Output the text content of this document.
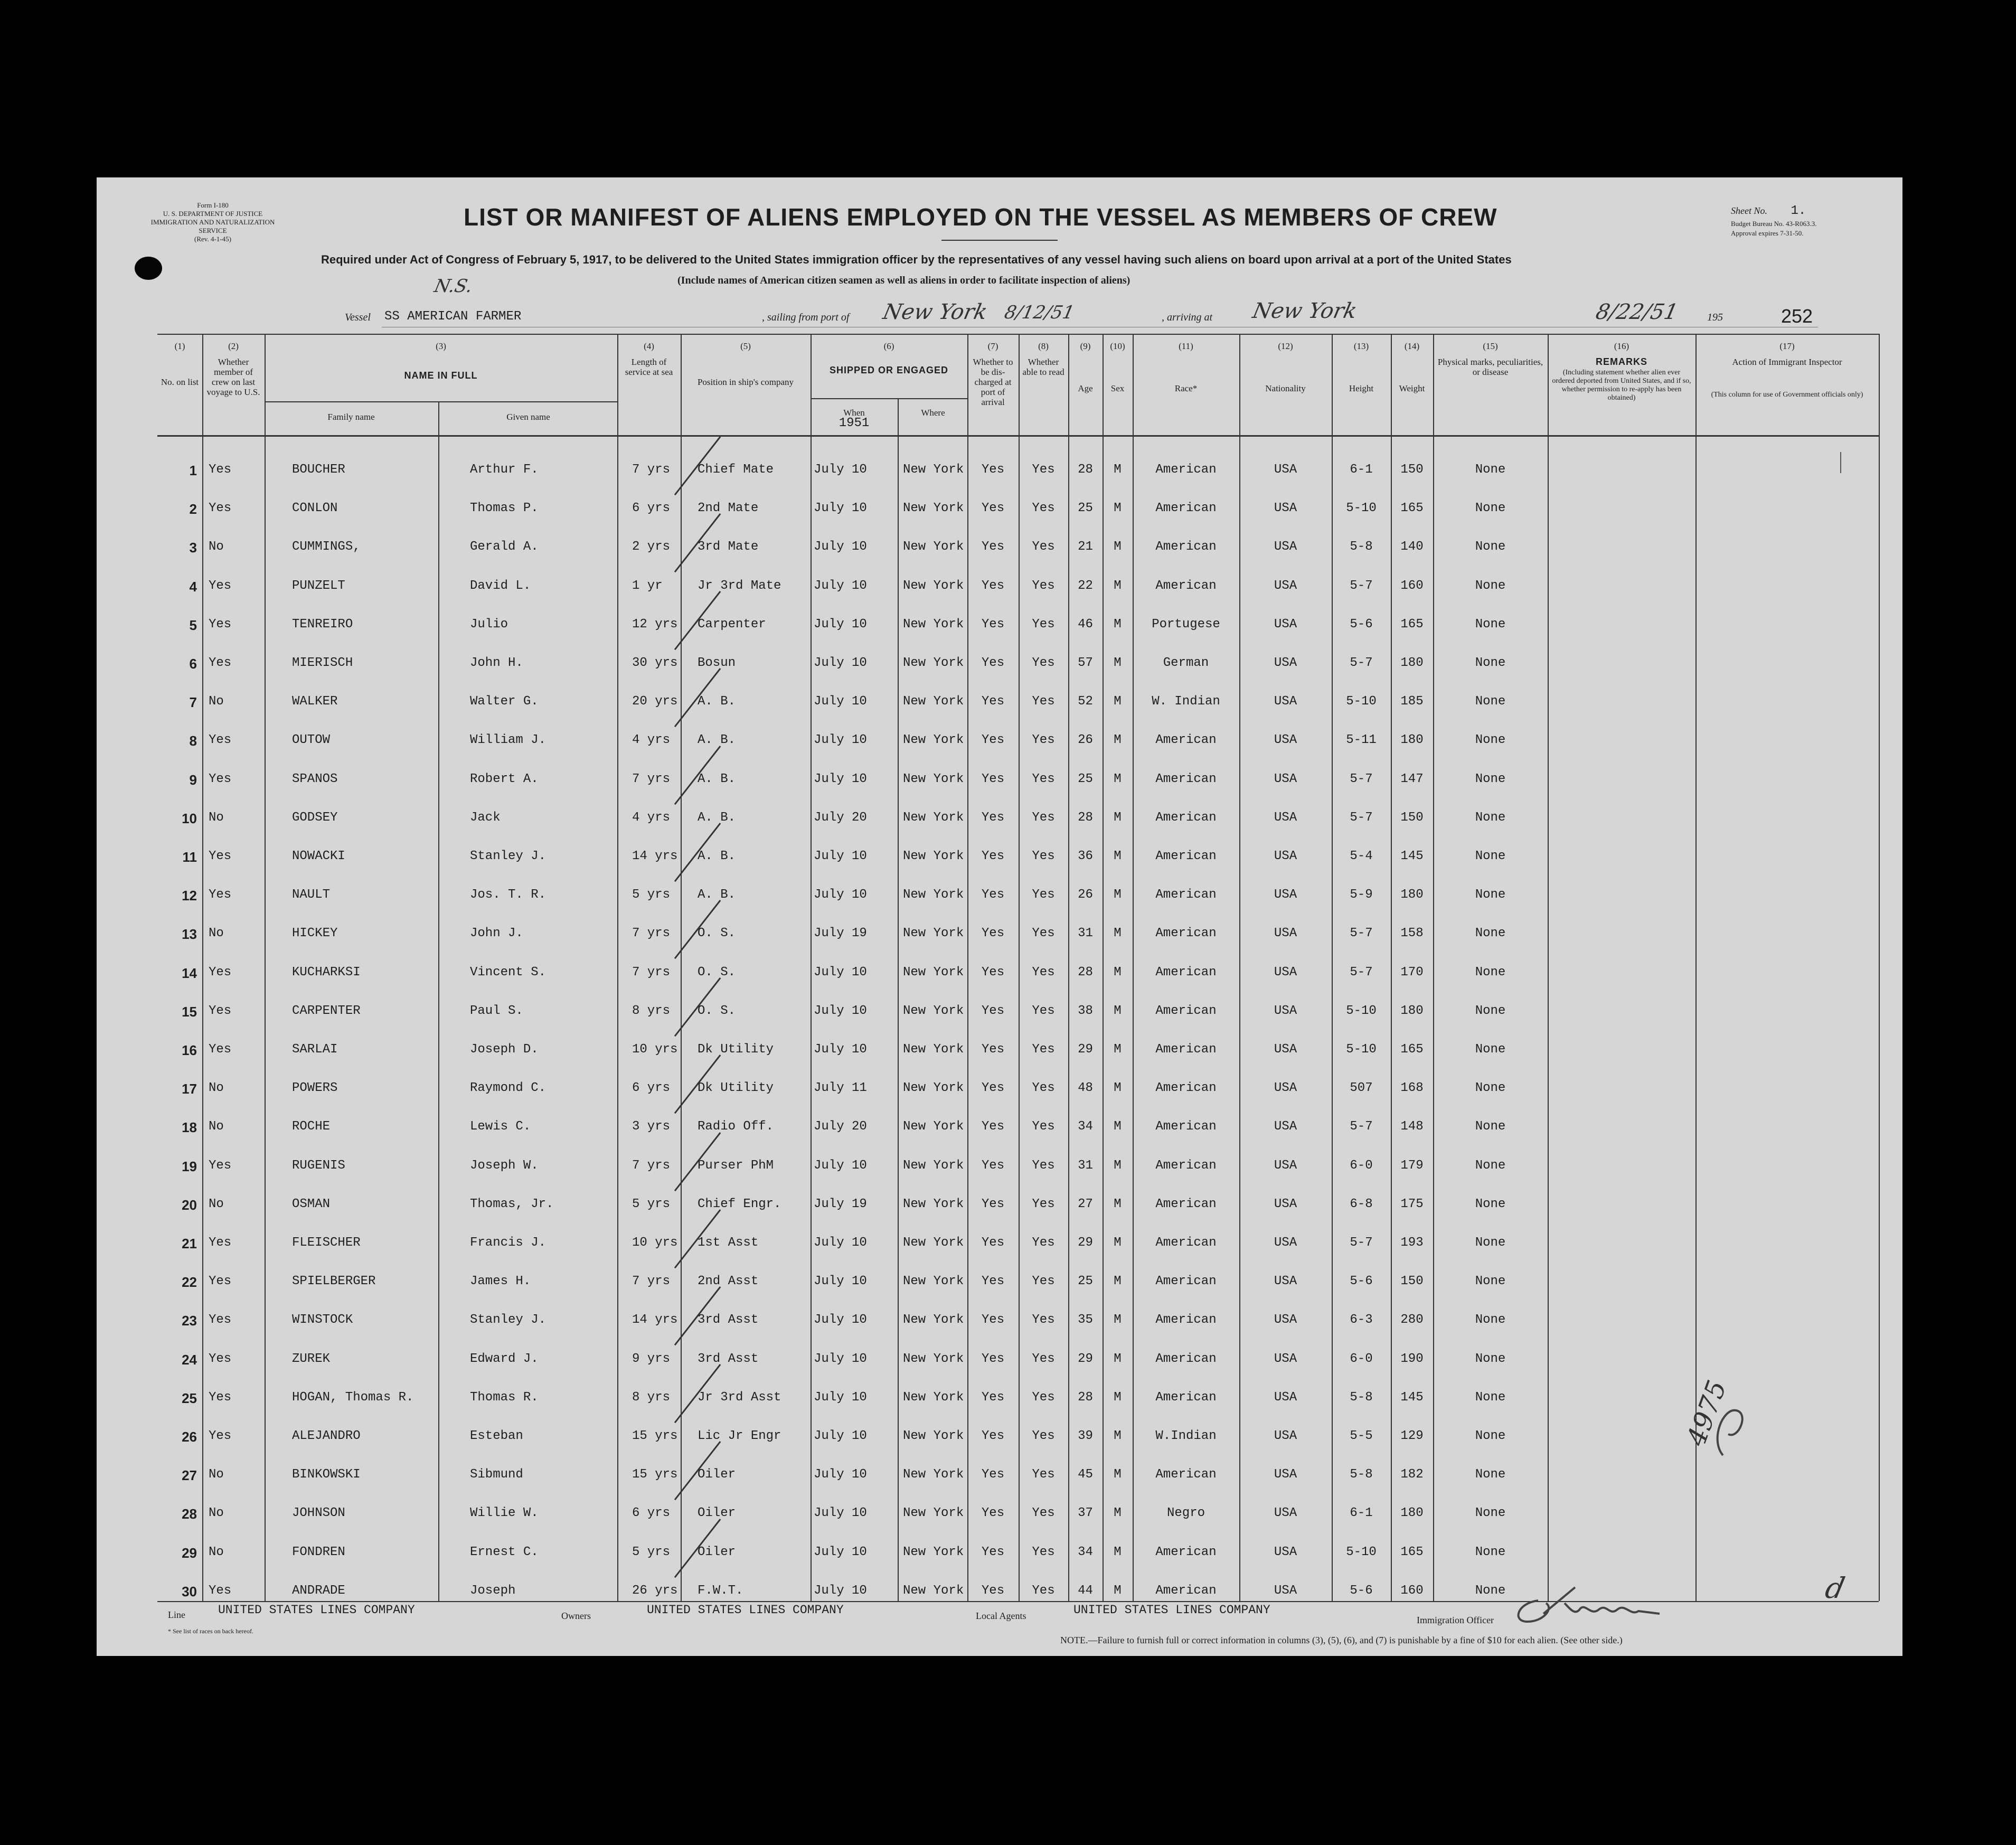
Form I-180
U. S. DEPARTMENT OF JUSTICE
IMMIGRATION AND NATURALIZATION SERVICE
(Rev. 4-1-45)
LIST OR MANIFEST OF ALIENS EMPLOYED ON THE VESSEL AS MEMBERS OF CREW
Required under Act of Congress of February 5, 1917, to be delivered to the United States immigration officer by the representatives of any vessel having such aliens on board upon arrival at a port of the United States
(Include names of American citizen seamen as well as aliens in order to facilitate inspection of aliens)
Sheet No. 1.
Budget Bureau No. 43-R063.3.
Approval expires 7-31-50.
Vessel SS AMERICAN FARMER	, sailing from port of New York 8/12/51	, arriving at New York	8/22/51	195	252
N.S.
(1)
No. on list
(2)
Whether member of crew on last voyage to U.S.
(3)
NAME IN FULL
(4)
Length of service at sea
(5)
Position in ship's company
(6)
SHIPPED OR ENGAGED
(7)
Whether to be dis-charged at port of arrival
(8)
Whether able to read
(9)
Age
(10)
Sex
(11)
Race*
(12)
Nationality
(13)
Height
(14)
Weight
(15)
Physical marks, peculiarities, or disease
(16)
REMARKS
(Including statement whether alien ever ordered deported from United States, and if so, whether permission to re-apply has been obtained)
(17)
Action of Immigrant Inspector
(This column for use of Government officials only)
Family name	Given name	When
1951
Where
1 Yes	BOUCHER	Arthur F.	7 yrs Chief Mate	July 10	New York	Yes	Yes	28	M	American	USA	6-1	150	None
2 Yes	CONLON	Thomas P.	6 yrs 2nd Mate	July 10	New York	Yes	Yes	25	M	American	USA	5-10	165	None
3 No	CUMMINGS,	Gerald A.	2 yrs 3rd Mate	July 10	New York	Yes	Yes	21	M	American	USA	5-8	140	None
4 Yes	PUNZELT	David L.	1 yr	Jr 3rd Mate	July 10	New York	Yes	Yes	22	M	American	USA	5-7	160	None
5 Yes	TENREIRO	Julio	12 yrs Carpenter	July 10	New York	Yes	Yes	46	M	Portugese	USA	5-6	165	None
6 Yes	MIERISCH	John H.	30 yrs Bosun	July 10	New York	Yes	Yes	57	M	German	USA	5-7	180	None
7 No	WALKER	Walter G.	20 yrs A. B.	July 10	New York	Yes	Yes	52	M	W. Indian	USA	5-10	185	None
8 Yes	OUTOW	William J.	4 yrs A. B.	July 10	New York	Yes	Yes	26	M	American	USA	5-11	180	None
9 Yes	SPANOS	Robert A.	7 yrs A. B.	July 10	New York	Yes	Yes	25	M	American	USA	5-7	147	None
10 No	GODSEY	Jack	4 yrs A. B.	July 20	New York	Yes	Yes	28	M	American	USA	5-7	150	None
11 Yes	NOWACKI	Stanley J.	14 yrs A. B.	July 10	New York	Yes	Yes	36	M	American	USA	5-4	145	None
12 Yes	NAULT	Jos. T. R.	5 yrs A. B.	July 10	New York	Yes	Yes	26	M	American	USA	5-9	180	None
13 No	HICKEY	John J.	7 yrs O. S.	July 19	New York	Yes	Yes	31	M	American	USA	5-7	158	None
14 Yes	KUCHARKSI	Vincent S.	7 yrs O. S.	July 10	New York	Yes	Yes	28	M	American	USA	5-7	170	None
15 Yes	CARPENTER	Paul S.	8 yrs O. S.	July 10	New York	Yes	Yes	38	M	American	USA	5-10	180	None
16 Yes	SARLAI	Joseph D.	10 yrs Dk Utility	July 10	New York	Yes	Yes	29	M	American	USA	5-10	165	None
17 No	POWERS	Raymond C.	6 yrs Dk Utility	July 11	New York	Yes	Yes	48	M	American	USA	507	168	None
18 No	ROCHE	Lewis C.	3 yrs Radio Off.	July 20	New York	Yes	Yes	34	M	American	USA	5-7	148	None
19 Yes	RUGENIS	Joseph W.	7 yrs Purser PhM	July 10	New York	Yes	Yes	31	M	American	USA	6-0	179	None
20 No	OSMAN	Thomas, Jr.	5 yrs Chief Engr.	July 19	New York	Yes	Yes	27	M	American	USA	6-8	175	None
21 Yes	FLEISCHER	Francis J.	10 yrs 1st Asst	July 10	New York	Yes	Yes	29	M	American	USA	5-7	193	None
22 Yes	SPIELBERGER	James H.	7 yrs 2nd Asst	July 10	New York	Yes	Yes	25	M	American	USA	5-6	150	None
23 Yes	WINSTOCK	Stanley J.	14 yrs 3rd Asst	July 10	New York	Yes	Yes	35	M	American	USA	6-3	280	None
24 Yes	ZUREK	Edward J.	9 yrs 3rd Asst	July 10	New York	Yes	Yes	29	M	American	USA	6-0	190	None
25 Yes	HOGAN, Thomas R.	Thomas R.	8 yrs Jr 3rd Asst	July 10	New York	Yes	Yes	28	M	American	USA	5-8	145	None
26 Yes	ALEJANDRO	Esteban	15 yrs Lic Jr Engr	July 10	New York	Yes	Yes	39	M	W.Indian	USA	5-5	129	None
27 No	BINKOWSKI	Sibmund	15 yrs Oiler	July 10	New York	Yes	Yes	45	M	American	USA	5-8	182	None
28 No	JOHNSON	Willie W.	6 yrs Oiler	July 10	New York	Yes	Yes	37	M	Negro	USA	6-1	180	None
29 No	FONDREN	Ernest C.	5 yrs Oiler	July 10	New York	Yes	Yes	34	M	American	USA	5-10	165	None
30 Yes	ANDRADE	Joseph	26 yrs F.W.T.	July 10	New York	Yes	Yes	44	M	American	USA	5-6	160	None
Line	UNITED STATES LINES COMPANY	Owners	UNITED STATES LINES COMPANY	Local Agents	UNITED STATES LINES COMPANY
Immigration Officer
* See list of races on back hereof.
NOTE.—Failure to furnish full or correct information in columns (3), (5), (6), and (7) is punishable by a fine of $10 for each alien. (See other side.)
4975
d
